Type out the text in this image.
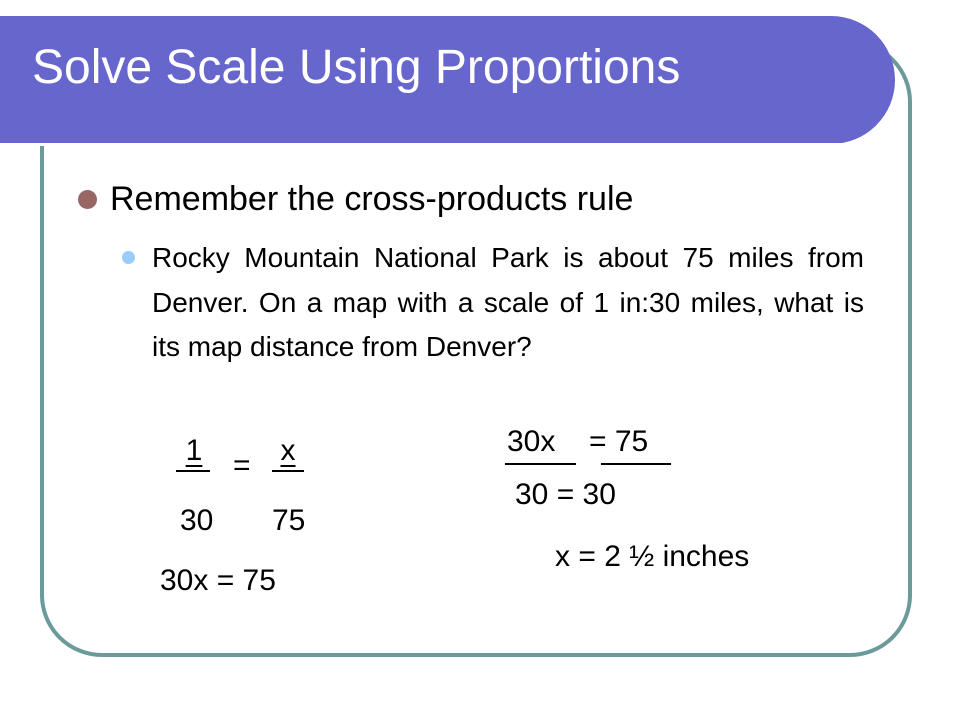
Solve Scale Using Proportions
Remember the cross-products rule
Rocky Mountain National Park is about 75 miles from Denver. On a map with a scale of 1 in:30 miles, what is its map distance from Denver?
1	x
=
30 75
30x = 75
30x = 75
30 = 30
x = 2 ½ inches
